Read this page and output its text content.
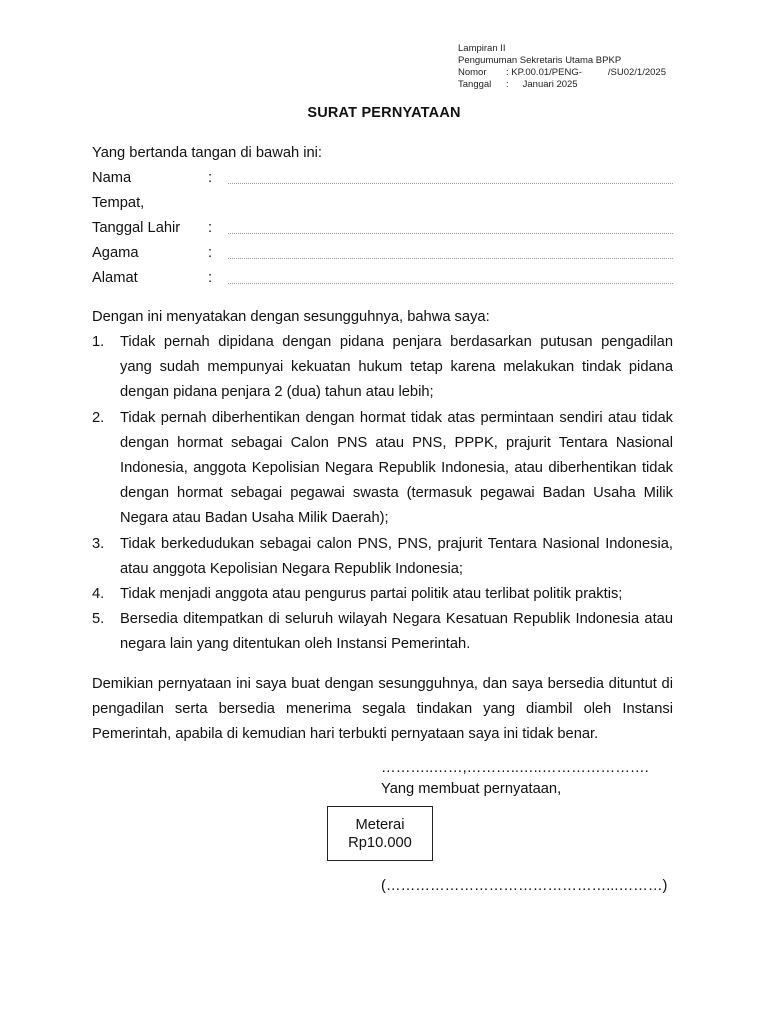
Lampiran II
Pengumuman Sekretaris Utama BPKP
Nomor : KP.00.01/PENG-	/SU02/1/2025
Tanggal : Januari 2025
SURAT PERNYATAAN
Yang bertanda tangan di bawah ini:
Nama	:
Tempat,
Tanggal Lahir	:
Agama	:
Alamat	:
Dengan ini menyatakan dengan sesungguhnya, bahwa saya:
1.	Tidak pernah dipidana dengan pidana penjara berdasarkan putusan pengadilan yang sudah mempunyai kekuatan hukum tetap karena melakukan tindak pidana dengan pidana penjara 2 (dua) tahun atau lebih;
2.	Tidak pernah diberhentikan dengan hormat tidak atas permintaan sendiri atau tidak dengan hormat sebagai Calon PNS atau PNS, PPPK, prajurit Tentara Nasional Indonesia, anggota Kepolisian Negara Republik Indonesia, atau diberhentikan tidak dengan hormat sebagai pegawai swasta (termasuk pegawai Badan Usaha Milik Negara atau Badan Usaha Milik Daerah);
3.	Tidak berkedudukan sebagai calon PNS, PNS, prajurit Tentara Nasional Indonesia, atau anggota Kepolisian Negara Republik Indonesia;
4.	Tidak menjadi anggota atau pengurus partai politik atau terlibat politik praktis;
5.	Bersedia ditempatkan di seluruh wilayah Negara Kesatuan Republik Indonesia atau negara lain yang ditentukan oleh Instansi Pemerintah.
Demikian pernyataan ini saya buat dengan sesungguhnya, dan saya bersedia dituntut di pengadilan serta bersedia menerima segala tindakan yang diambil oleh Instansi Pemerintah, apabila di kemudian hari terbukti pernyataan saya ini tidak benar.
………..……,………..…..………………….
Yang membuat pernyataan,
Meterai
Rp10.000
(………………………………………...………)
